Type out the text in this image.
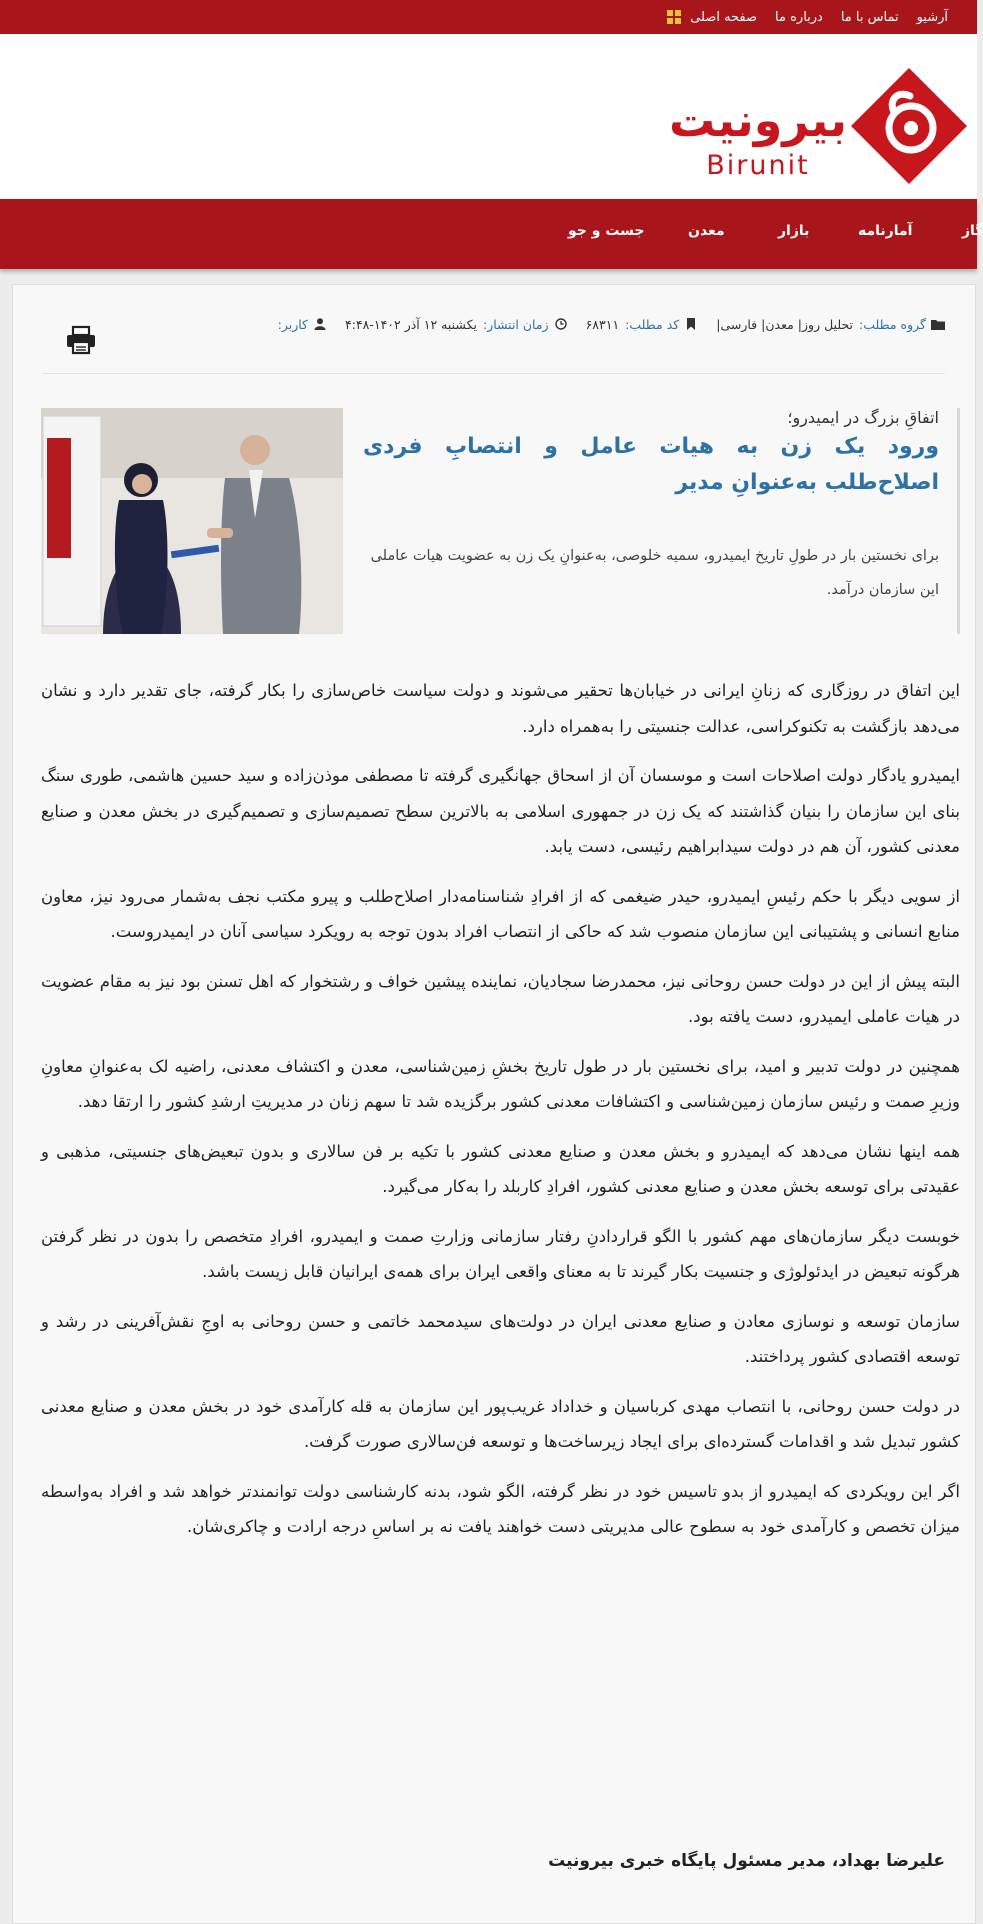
صفحه اصلی درباره ما تماس با ما آرشیو
بیرونیت
Birunit
گاز
آمارنامه
بازار
معدن
جست و جو
گروه مطلب:
تحلیل روز| معدن| فارسی|
کد مطلب:
۶۸۳۱۱
زمان انتشار:
یکشنبه ۱۲ آذر ۱۴۰۲-۴:۴۸
کاربر:
اتفاقِ بزرگ در ایمیدرو؛
ورود یک زن به هیات عامل و انتصابِ فردی اصلاح‌طلب به‌عنوانِ مدیر

برای نخستین بار در طولِ تاریخ ایمیدرو، سمیه خلوصی، به‌عنوانِ یک زن به عضویت هیات عاملی این سازمان درآمد.

این اتفاق در روزگاری که زنانِ ایرانی در خیابان‌ها تحقیر می‌شوند و دولت سیاست خاص‌سازی را بکار گرفته، جای تقدیر دارد و نشان می‌دهد بازگشت به تکنوکراسی، عدالت جنسیتی را به‌همراه دارد.

ایمیدرو یادگار دولت اصلاحات است و موسسان آن از اسحاق جهانگیری گرفته تا مصطفی موذن‌زاده و سید حسین هاشمی، طوری سنگ بنای این سازمان را بنیان گذاشتند که یک زن در جمهوری اسلامی به بالاترین سطح تصمیم‌سازی و تصمیم‌گیری در بخش معدن و صنایع معدنی کشور، آن هم در دولت سیدابراهیم رئیسی، دست یابد.

از سویی دیگر با حکم رئیسِ ایمیدرو، حیدر ضیغمی که از افرادِ شناسنامه‌دار اصلاح‌طلب و پیرو مکتب نجف به‌شمار می‌رود نیز، معاون منابع انسانی و پشتیبانی این سازمان منصوب شد که حاکی از انتصاب افراد بدون توجه به رویکرد سیاسی آنان در ایمیدروست.

البته پیش از این در دولت حسن روحانی نیز، محمدرضا سجادیان، نماینده پیشین خواف و رشتخوار که اهل تسنن بود نیز به مقام عضویت در هیات عاملی ایمیدرو، دست یافته بود.

همچنین در دولت تدبیر و امید، برای نخستین بار در طول تاریخ بخشِ زمین‌شناسی، معدن و اکتشاف معدنی، راضیه لک به‌عنوانِ معاونِ وزیرِ صمت و رئیس سازمان زمین‌شناسی و اکتشافات معدنی کشور برگزیده شد تا سهم زنان در مدیریتِ ارشدِ کشور را ارتقا دهد.

همه اینها نشان می‌دهد که ایمیدرو و بخش معدن و صنایع معدنی کشور با تکیه بر فن سالاری و بدون تبعیض‌های جنسیتی، مذهبی و عقیدتی برای توسعه بخش معدن و صنایع معدنی کشور، افرادِ کاربلد را به‌کار می‌گیرد.

خوبست دیگر سازمان‌های مهم کشور با الگو قراردادنِ رفتار سازمانی وزارتِ صمت و ایمیدرو، افرادِ متخصص را بدون در نظر گرفتن هرگونه تبعیض در ایدئولوژی و جنسیت بکار گیرند تا به معنای واقعی ایران برای همه‌ی ایرانیان قابل زیست باشد.

سازمان توسعه و نوسازی معادن و صنایع معدنی ایران در دولت‌های سیدمحمد خاتمی و حسن روحانی به اوجِ نقش‌آفرینی در رشد و توسعه اقتصادی کشور پرداختند.

در دولت حسن روحانی، با انتصاب مهدی کرباسیان و خداداد غریب‌پور این سازمان به قله کارآمدی خود در بخش معدن و صنایع معدنی کشور تبدیل شد و اقدامات گسترده‌ای برای ایجاد زیرساخت‌ها و توسعه فن‌سالاری صورت گرفت.

اگر این رویکردی که ایمیدرو از بدو تاسیس خود در نظر گرفته، الگو شود، بدنه کارشناسی دولت توانمندتر خواهد شد و افراد به‌واسطه میزان تخصص و کارآمدی خود به سطوح عالی مدیریتی دست خواهند یافت نه بر اساسِ درجه ارادت و چاکری‌شان.

علیرضا بهداد، مدیر مسئول پایگاه خبری بیرونیت
